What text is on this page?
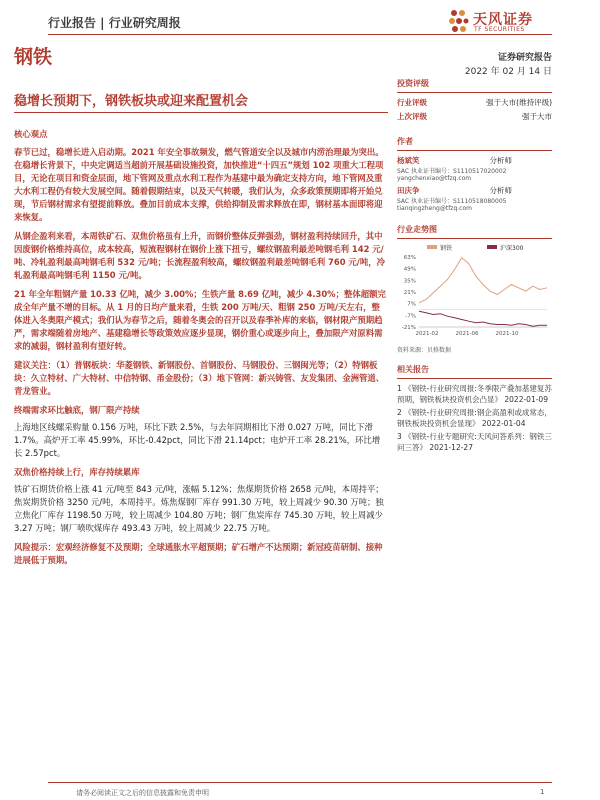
行业报告 | 行业研究周报	天风证券
TF SECURITIES
钢铁	证券研究报告
2022 年 02 月 14 日
稳增长预期下，钢铁板块或迎来配置机会
核心观点

春节已过，稳增长进入启动期。2021 年安全事故频发，燃气管道安全以及城市内涝治理最为突出。在稳增长背景下，中央定调适当超前开展基础设施投资，加快推进“十四五”规划 102 项重大工程项目，无论在项目和资金层面，地下管网及重点水利工程作为基建中最为确定支持方向，地下管网及重大水利工程仍有较大发展空间。随着假期结束，以及天气转暖，我们认为，众多政策预期即将开始兑现，节后钢材需求有望提前释放。叠加目前成本支撑，供给抑制及需求释放在即，钢材基本面即将迎来恢复。

从钢企盈利来看，本周铁矿石、双焦价格虽有上升，而钢价整体反弹强劲，钢材盈利持续回升，其中因废钢价格维持高位，成本较高，短流程钢材在钢价上涨下扭亏，螺纹钢盈利最差吨钢毛利 142 元/吨、冷轧盈利最高吨钢毛利 532 元/吨；长流程盈利较高，螺纹钢盈利最差吨钢毛利 760 元/吨，冷轧盈利最高吨钢毛利 1150 元/吨。

21 年全年粗钢产量 10.33 亿吨，减少 3.00%；生铁产量 8.69 亿吨，减少 4.30%；整体超额完成全年产量不增的目标。从 1 月的日均产量来看，生铁 200 万吨/天、粗钢 250 万吨/天左右，整体进入冬奥限产模式；我们认为春节之后，随着冬奥会的召开以及春季补库的来临，钢材限产预期趋严，需求端随着房地产、基建稳增长等政策效应逐步显现，钢价重心或逐步向上，叠加限产对原料需求的减弱，钢材盈利有望好转。

建议关注：（1）普钢板块：华菱钢铁、新钢股份、首钢股份、马钢股份、三钢闽光等；（2）特钢板块：久立特材、广大特材、中信特钢、甬金股份；（3）地下管网：新兴铸管、友发集团、金洲管道、青龙管业。

终端需求环比触底，钢厂限产持续

上海地区线螺采购量 0.156 万吨，环比下跌 2.5%，与去年同期相比下滑 0.027 万吨，同比下滑 1.7%。高炉开工率 45.99%，环比-0.42pct，同比下滑 21.14pct；电炉开工率 28.21%，环比增长 2.57pct。

双焦价格持续上行，库存持续累库

铁矿石期货价格上涨 41 元/吨至 843 元/吨，涨幅 5.12%；焦煤期货价格 2658 元/吨，本周持平；焦炭期货价格 3250 元/吨，本周持平。炼焦煤钢厂库存 991.30 万吨，较上周减少 90.30 万吨；独立焦化厂库存 1198.50 万吨，较上周减少 104.80 万吨；钢厂焦炭库存 745.30 万吨，较上周减少 3.27 万吨；钢厂喷吹煤库存 493.43 万吨，较上周减少 22.75 万吨。

风险提示：宏观经济修复不及预期；全球通胀水平超预期；矿石增产不达预期；新冠疫苗研制、接种进展低于预期。

投资评级
行业评级	强于大市(维持评级)
上次评级	强于大市
作者
杨斌笑	分析师
SAC 执业证书编号：S1110517020002
yangchenxiao@tfzq.com
田庆争	分析师
SAC 执业证书编号：S1110518080005
tianqingzheng@tfzq.com
行业走势图
钢铁	沪深300
63%
49%
35%
21%
7%
-7%
-21%
2021-02	2021-06	2021-10
资料来源：贝格数据
相关报告
1 《钢铁-行业研究周报:冬季限产叠加基建复苏预期，钢铁板块投资机会凸显》 2022-01-09
2 《钢铁-行业研究周报:钢企高盈利或成常态，钢铁板块投资机会显现》 2022-01-04
3 《钢铁-行业专题研究:天风问答系列：钢铁三问三答》 2021-12-27
请务必阅读正文之后的信息披露和免责申明	1
